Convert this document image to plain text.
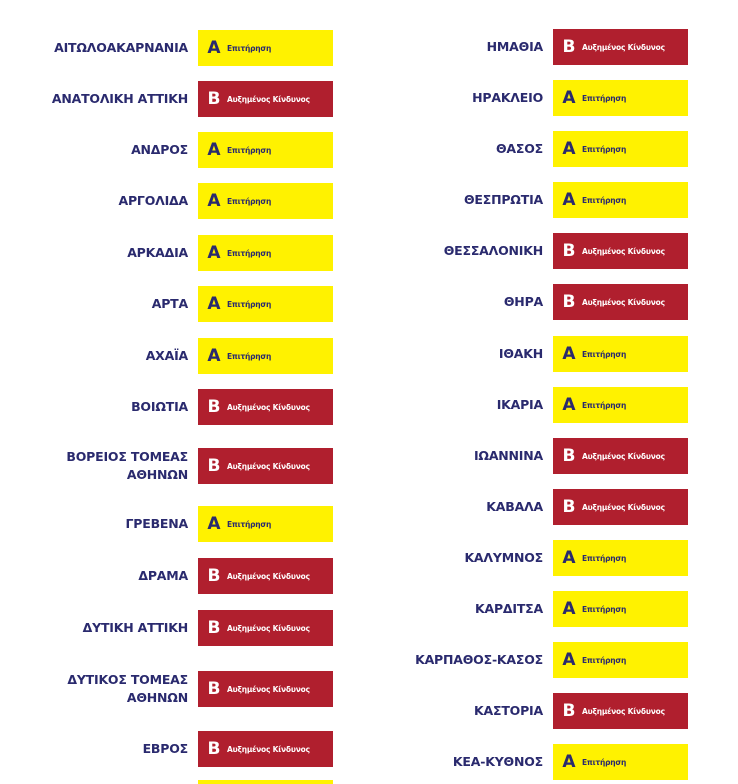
ΑΙΤΩΛΟΑΚΑΡΝΑΝΙΑ	Α Επιτήρηση
ΑΝΑΤΟΛΙΚΗ ΑΤΤΙΚΗ	Β Αυξημένος Κίνδυνος
ΑΝΔΡΟΣ	Α Επιτήρηση
ΑΡΓΟΛΙΔΑ	Α Επιτήρηση
ΑΡΚΑΔΙΑ	Α Επιτήρηση
ΑΡΤΑ	Α Επιτήρηση
ΑΧΑΪΑ	Α Επιτήρηση
ΒΟΙΩΤΙΑ	Β Αυξημένος Κίνδυνος
ΒΟΡΕΙΟΣ ΤΟΜΕΑΣ
ΑΘΗΝΩΝ	Β Αυξημένος Κίνδυνος
ΓΡΕΒΕΝΑ	Α Επιτήρηση
ΔΡΑΜΑ	Β Αυξημένος Κίνδυνος
ΔΥΤΙΚΗ ΑΤΤΙΚΗ	Β Αυξημένος Κίνδυνος
ΔΥΤΙΚΟΣ ΤΟΜΕΑΣ
ΑΘΗΝΩΝ	Β Αυξημένος Κίνδυνος
ΕΒΡΟΣ	Β Αυξημένος Κίνδυνος
ΗΜΑΘΙΑ	Β Αυξημένος Κίνδυνος
ΗΡΑΚΛΕΙΟ	Α Επιτήρηση
ΘΑΣΟΣ	Α Επιτήρηση
ΘΕΣΠΡΩΤΙΑ	Α Επιτήρηση
ΘΕΣΣΑΛΟΝΙΚΗ	Β Αυξημένος Κίνδυνος
ΘΗΡΑ	Β Αυξημένος Κίνδυνος
ΙΘΑΚΗ	Α Επιτήρηση
ΙΚΑΡΙΑ	Α Επιτήρηση
ΙΩΑΝΝΙΝΑ	Β Αυξημένος Κίνδυνος
ΚΑΒΑΛΑ	Β Αυξημένος Κίνδυνος
ΚΑΛΥΜΝΟΣ	Α Επιτήρηση
ΚΑΡΔΙΤΣΑ	Α Επιτήρηση
ΚΑΡΠΑΘΟΣ-ΚΑΣΟΣ	Α Επιτήρηση
ΚΑΣΤΟΡΙΑ	Β Αυξημένος Κίνδυνος
ΚΕΑ-ΚΥΘΝΟΣ	Α Επιτήρηση
